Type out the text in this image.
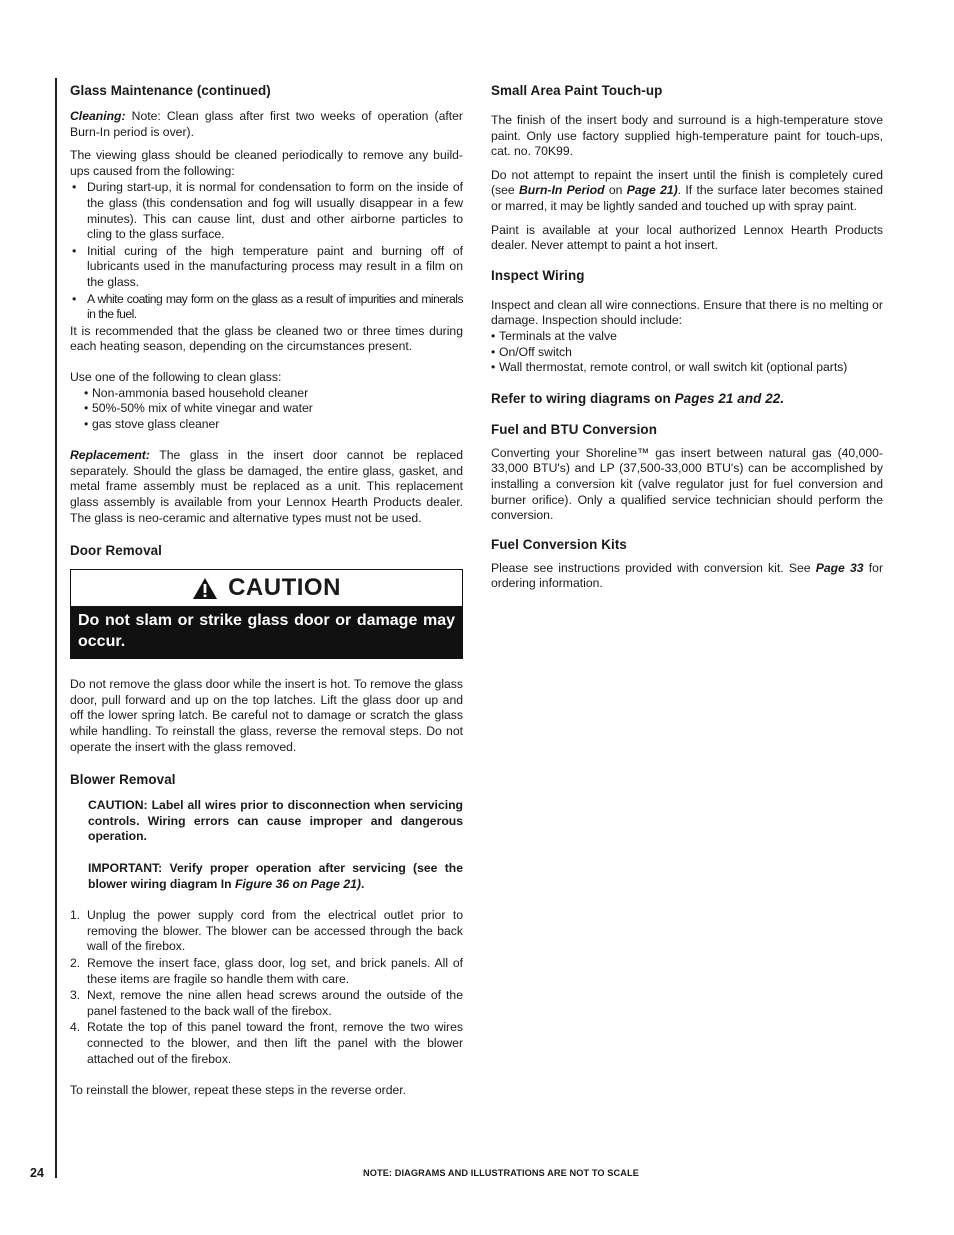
Glass Maintenance (continued)

Cleaning: Note: Clean glass after first two weeks of operation (after Burn-In period is over).

The viewing glass should be cleaned periodically to remove any build-ups caused from the following:

• During start-up, it is normal for condensation to form on the inside of the glass (this condensation and fog will usually disappear in a few minutes). This can cause lint, dust and other airborne particles to cling to the glass surface.
• Initial curing of the high temperature paint and burning off of lubricants used in the manufacturing process may result in a film on the glass.
• A white coating may form on the glass as a result of impurities and minerals in the fuel.

It is recommended that the glass be cleaned two or three times during each heating season, depending on the circumstances present.

Use one of the following to clean glass:

• Non-ammonia based household cleaner
• 50%-50% mix of white vinegar and water
• gas stove glass cleaner

Replacement: The glass in the insert door cannot be replaced separately. Should the glass be damaged, the entire glass, gasket, and metal frame assembly must be replaced as a unit. This replacement glass assembly is available from your Lennox Hearth Products dealer. The glass is neo-ceramic and alternative types must not be used.

Door Removal
CAUTION
Do not slam or strike glass door or damage may occur.

Do not remove the glass door while the insert is hot. To remove the glass door, pull forward and up on the top latches. Lift the glass door up and off the lower spring latch. Be careful not to damage or scratch the glass while handling. To reinstall the glass, reverse the removal steps. Do not operate the insert with the glass removed.

Blower Removal

CAUTION: Label all wires prior to disconnection when servicing controls. Wiring errors can cause improper and dangerous operation.

IMPORTANT: Verify proper operation after servicing (see the blower wiring diagram In Figure 36 on Page 21).

1. Unplug the power supply cord from the electrical outlet prior to removing the blower. The blower can be accessed through the back wall of the firebox.
2. Remove the insert face, glass door, log set, and brick panels. All of these items are fragile so handle them with care.
3. Next, remove the nine allen head screws around the outside of the panel fastened to the back wall of the firebox.
4. Rotate the top of this panel toward the front, remove the two wires connected to the blower, and then lift the panel with the blower attached out of the firebox.

To reinstall the blower, repeat these steps in the reverse order.

Small Area Paint Touch-up

The finish of the insert body and surround is a high-temperature stove paint. Only use factory supplied high-temperature paint for touch-ups, cat. no. 70K99.

Do not attempt to repaint the insert until the finish is completely cured (see Burn-In Period on Page 21). If the surface later becomes stained or marred, it may be lightly sanded and touched up with spray paint.

Paint is available at your local authorized Lennox Hearth Products dealer. Never attempt to paint a hot insert.

Inspect Wiring

Inspect and clean all wire connections. Ensure that there is no melting or damage. Inspection should include:

• Terminals at the valve
• On/Off switch
• Wall thermostat, remote control, or wall switch kit (optional parts)
Refer to wiring diagrams on Pages 21 and 22.
Fuel and BTU Conversion

Converting your Shoreline™ gas insert between natural gas (40,000-33,000 BTU's) and LP (37,500-33,000 BTU's) can be accomplished by installing a conversion kit (valve regulator just for fuel conversion and burner orifice). Only a qualified service technician should perform the conversion.

Fuel Conversion Kits

Please see instructions provided with conversion kit. See Page 33 for ordering information.

24	NOTE: DIAGRAMS AND ILLUSTRATIONS ARE NOT TO SCALE
